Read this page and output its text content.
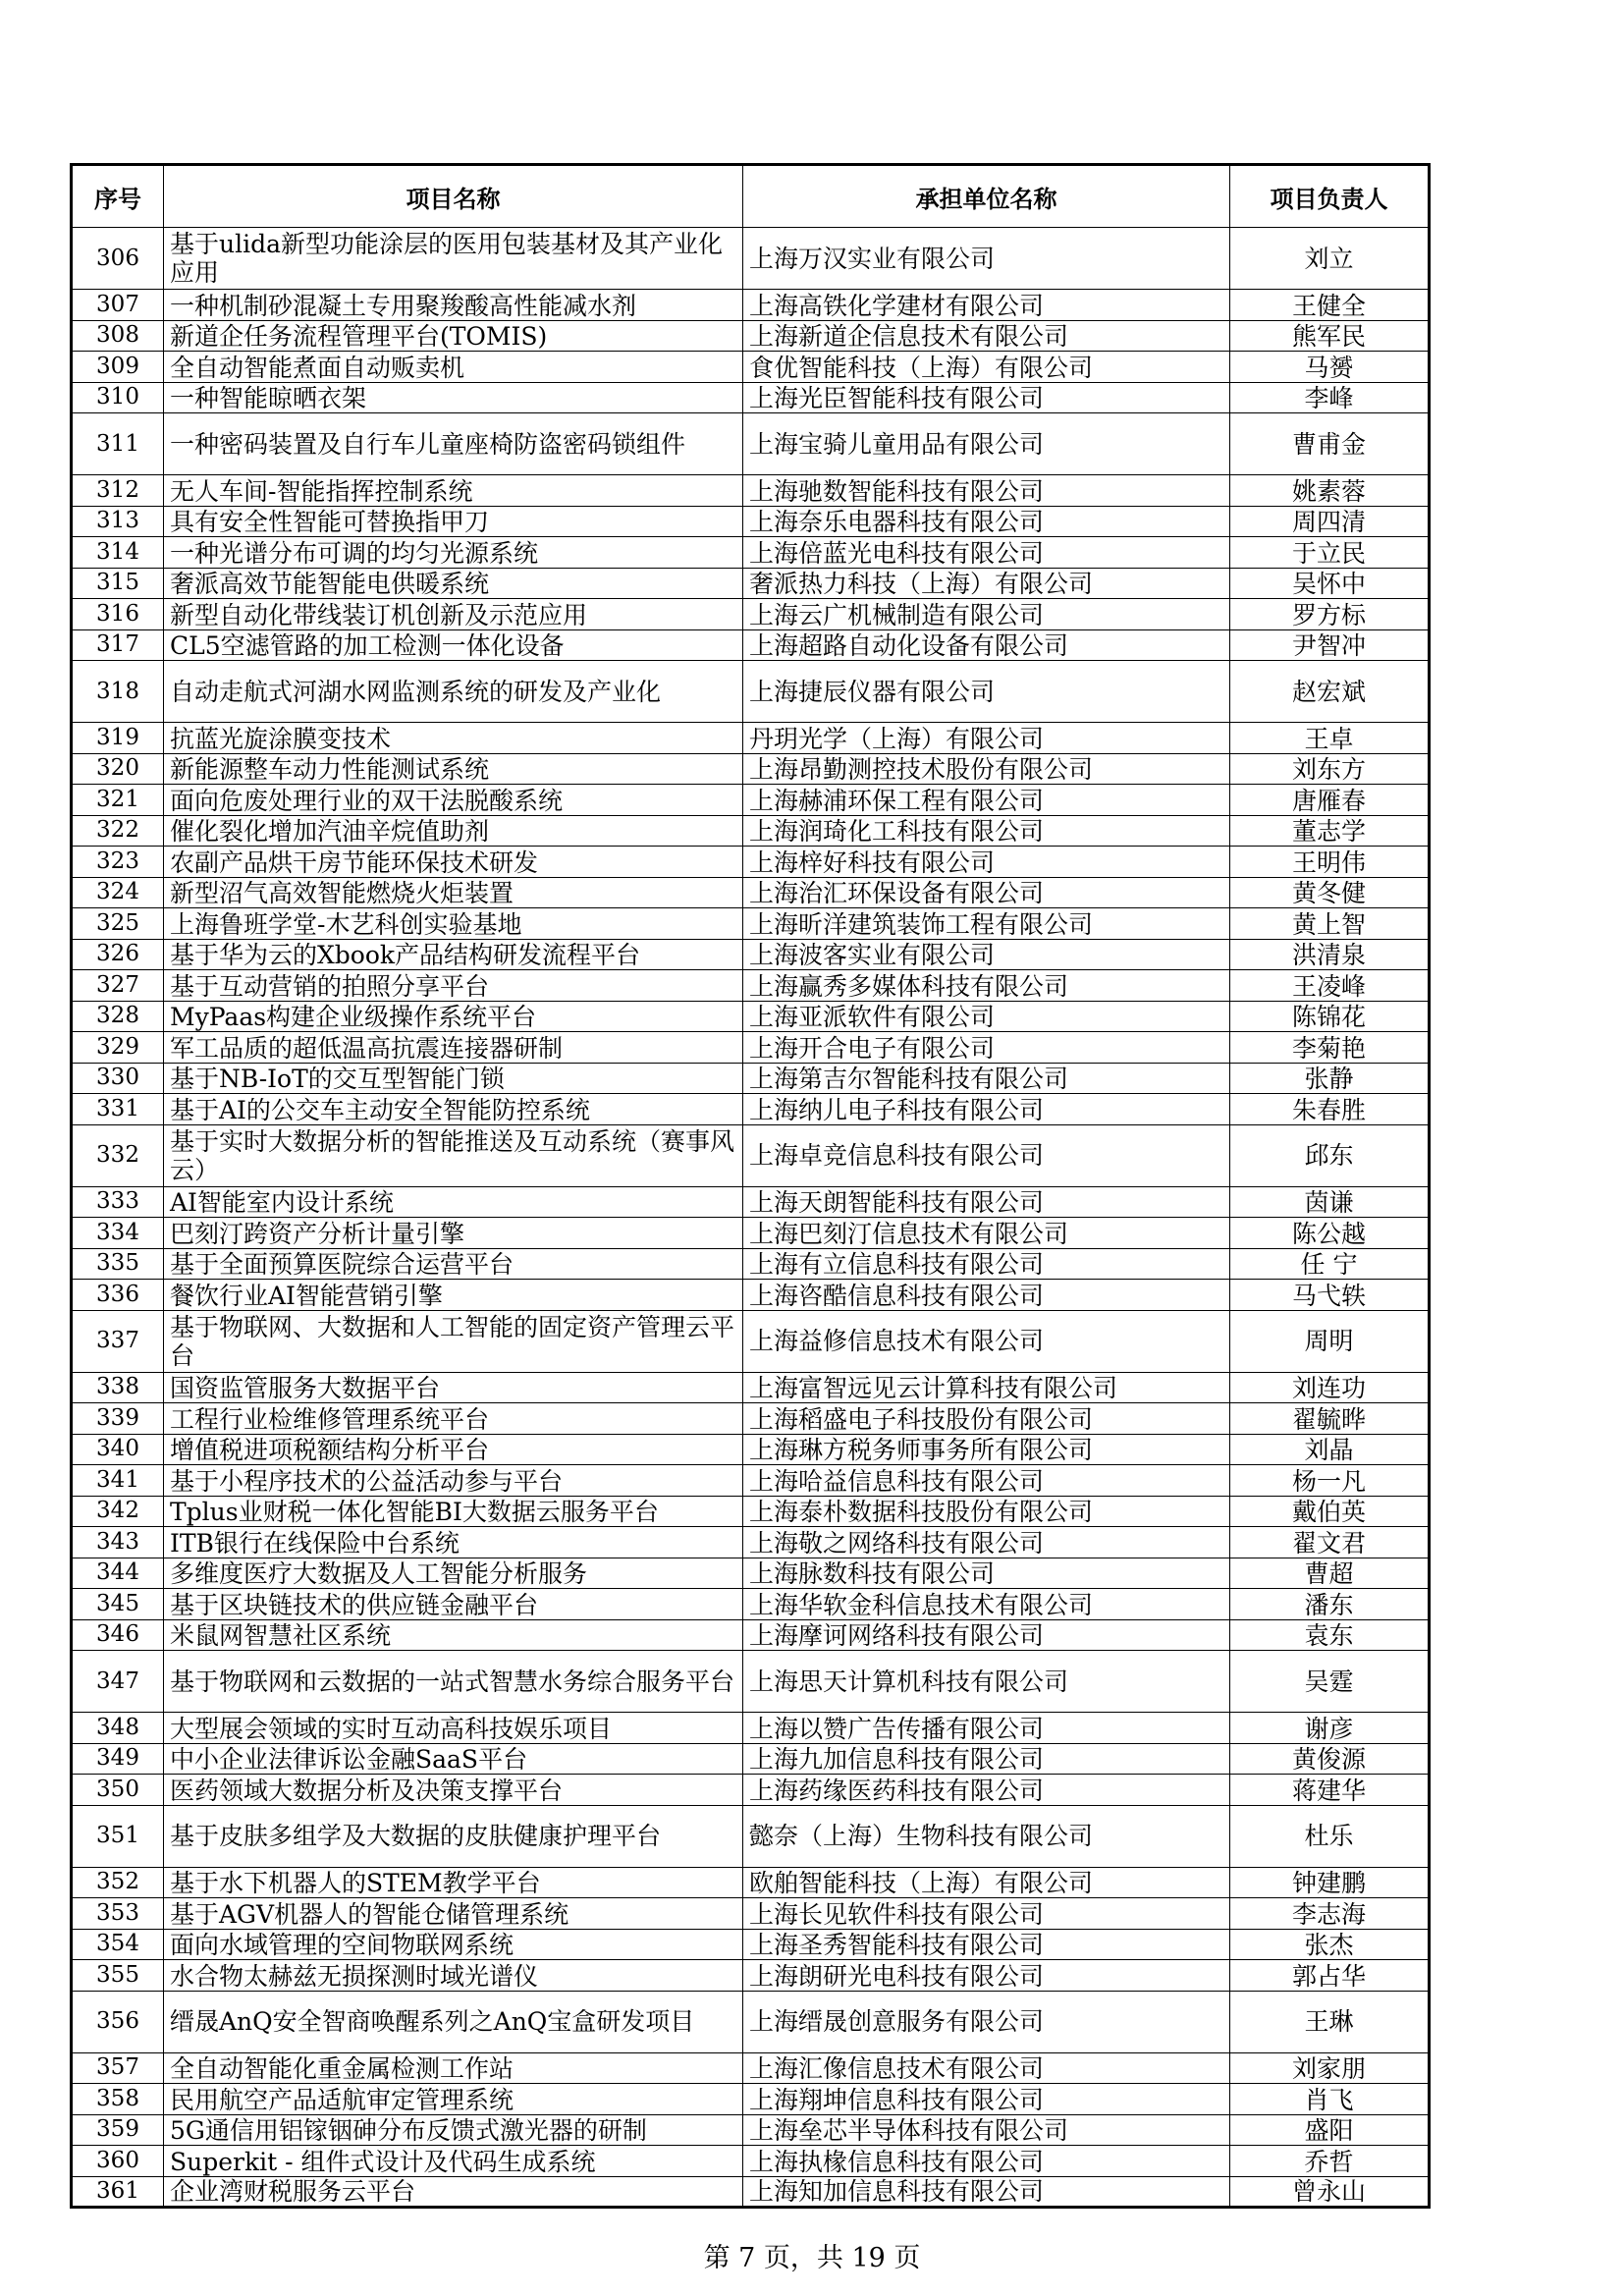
序号	项目名称	承担单位名称	项目负责人
306	基于ulida新型功能涂层的医用包装基材及其产业化应用	上海万汉实业有限公司	刘立
307	一种机制砂混凝土专用聚羧酸高性能减水剂	上海高铁化学建材有限公司	王健全
308	新道企任务流程管理平台(TOMIS)	上海新道企信息技术有限公司	熊军民
309	全自动智能煮面自动贩卖机	食优智能科技（上海）有限公司	马赟
310	一种智能晾晒衣架	上海光臣智能科技有限公司	李峰
311	一种密码装置及自行车儿童座椅防盗密码锁组件	上海宝骑儿童用品有限公司	曹甫金
312	无人车间-智能指挥控制系统	上海驰数智能科技有限公司	姚素蓉
313	具有安全性智能可替换指甲刀	上海奈乐电器科技有限公司	周四清
314	一种光谱分布可调的均匀光源系统	上海倍蓝光电科技有限公司	于立民
315	奢派高效节能智能电供暖系统	奢派热力科技（上海）有限公司	吴怀中
316	新型自动化带线装订机创新及示范应用	上海云广机械制造有限公司	罗方标
317	CL5空滤管路的加工检测一体化设备	上海超路自动化设备有限公司	尹智冲
318	自动走航式河湖水网监测系统的研发及产业化	上海捷辰仪器有限公司	赵宏斌
319	抗蓝光旋涂膜变技术	丹玥光学（上海）有限公司	王卓
320	新能源整车动力性能测试系统	上海昂勤测控技术股份有限公司	刘东方
321	面向危废处理行业的双干法脱酸系统	上海赫浦环保工程有限公司	唐雁春
322	催化裂化增加汽油辛烷值助剂	上海润琦化工科技有限公司	董志学
323	农副产品烘干房节能环保技术研发	上海梓好科技有限公司	王明伟
324	新型沼气高效智能燃烧火炬装置	上海治汇环保设备有限公司	黄冬健
325	上海鲁班学堂-木艺科创实验基地	上海昕洋建筑装饰工程有限公司	黄上智
326	基于华为云的Xbook产品结构研发流程平台	上海波客实业有限公司	洪清泉
327	基于互动营销的拍照分享平台	上海赢秀多媒体科技有限公司	王凌峰
328	MyPaas构建企业级操作系统平台	上海亚派软件有限公司	陈锦花
329	军工品质的超低温高抗震连接器研制	上海开合电子有限公司	李菊艳
330	基于NB-IoT的交互型智能门锁	上海第吉尔智能科技有限公司	张静
331	基于AI的公交车主动安全智能防控系统	上海纳儿电子科技有限公司	朱春胜
332	基于实时大数据分析的智能推送及互动系统（赛事风云）	上海卓竞信息科技有限公司	邱东
333	AI智能室内设计系统	上海天朗智能科技有限公司	茵谦
334	巴刻汀跨资产分析计量引擎	上海巴刻汀信息技术有限公司	陈公越
335	基于全面预算医院综合运营平台	上海有立信息科技有限公司	任 宁
336	餐饮行业AI智能营销引擎	上海咨酷信息科技有限公司	马弋轶
337	基于物联网、大数据和人工智能的固定资产管理云平台	上海益修信息技术有限公司	周明
338	国资监管服务大数据平台	上海富智远见云计算科技有限公司	刘连功
339	工程行业检维修管理系统平台	上海稻盛电子科技股份有限公司	翟毓晔
340	增值税进项税额结构分析平台	上海琳方税务师事务所有限公司	刘晶
341	基于小程序技术的公益活动参与平台	上海哈益信息科技有限公司	杨一凡
342	Tplus业财税一体化智能BI大数据云服务平台	上海泰朴数据科技股份有限公司	戴伯英
343	ITB银行在线保险中台系统	上海敬之网络科技有限公司	翟文君
344	多维度医疗大数据及人工智能分析服务	上海脉数科技有限公司	曹超
345	基于区块链技术的供应链金融平台	上海华软金科信息技术有限公司	潘东
346	米鼠网智慧社区系统	上海摩诃网络科技有限公司	袁东
347	基于物联网和云数据的一站式智慧水务综合服务平台	上海思天计算机科技有限公司	吴霆
348	大型展会领域的实时互动高科技娱乐项目	上海以赞广告传播有限公司	谢彦
349	中小企业法律诉讼金融SaaS平台	上海九加信息科技有限公司	黄俊源
350	医药领域大数据分析及决策支撑平台	上海药缘医药科技有限公司	蒋建华
351	基于皮肤多组学及大数据的皮肤健康护理平台	懿奈（上海）生物科技有限公司	杜乐
352	基于水下机器人的STEM教学平台	欧舶智能科技（上海）有限公司	钟建鹏
353	基于AGV机器人的智能仓储管理系统	上海长见软件科技有限公司	李志海
354	面向水域管理的空间物联网系统	上海圣秀智能科技有限公司	张杰
355	水合物太赫兹无损探测时域光谱仪	上海朗研光电科技有限公司	郭占华
356	缙晟AnQ安全智商唤醒系列之AnQ宝盒研发项目	上海缙晟创意服务有限公司	王琳
357	全自动智能化重金属检测工作站	上海汇像信息技术有限公司	刘家朋
358	民用航空产品适航审定管理系统	上海翔坤信息科技有限公司	肖飞
359	5G通信用铝镓铟砷分布反馈式激光器的研制	上海垒芯半导体科技有限公司	盛阳
360	Superkit - 组件式设计及代码生成系统	上海执椽信息科技有限公司	乔哲
361	企业湾财税服务云平台	上海知加信息科技有限公司	曾永山
第 7 页，共 19 页
